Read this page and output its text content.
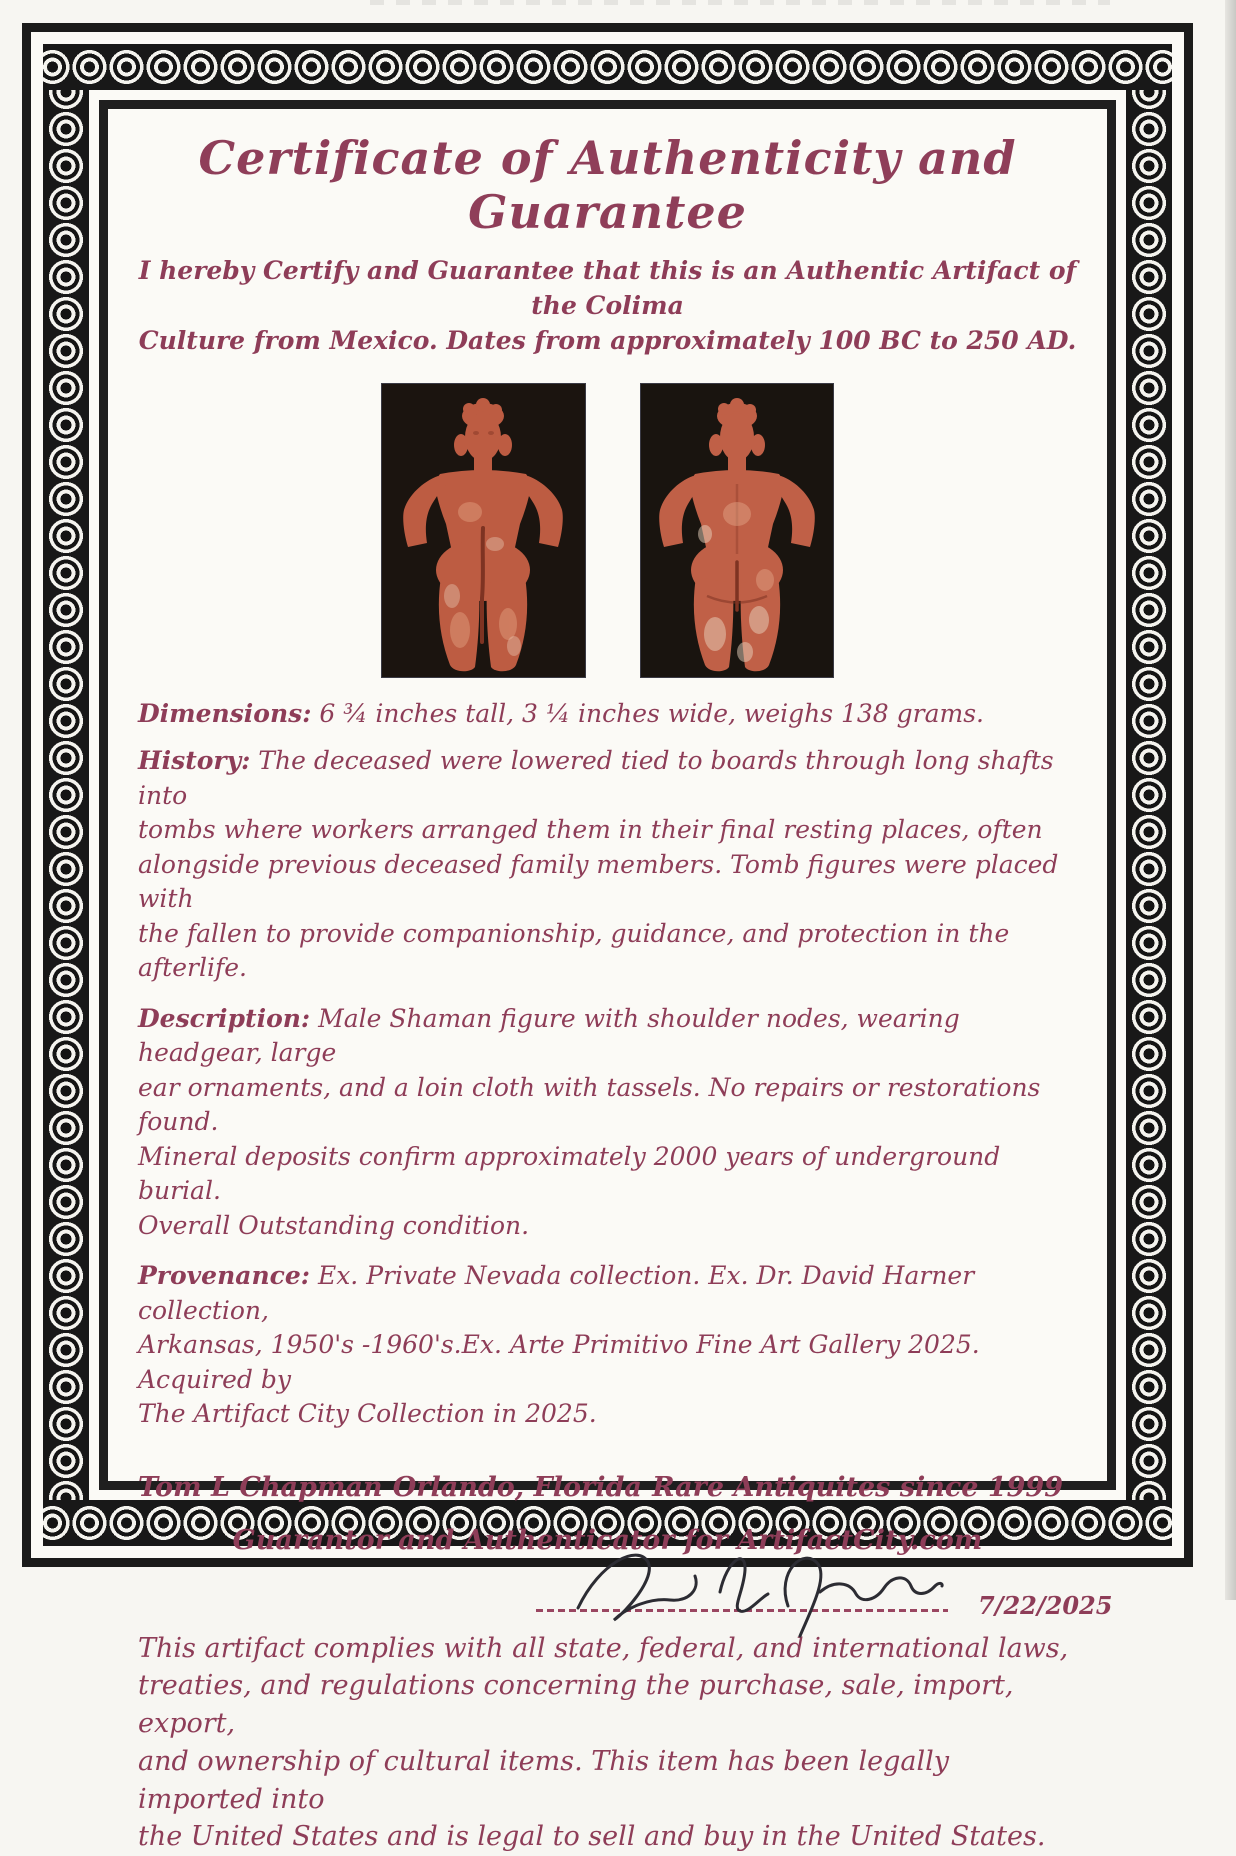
Certificate of Authenticity and Guarantee
I hereby Certify and Guarantee that this is an Authentic Artifact of the Colima
Culture from Mexico. Dates from approximately 100 BC to 250 AD.
Dimensions: 6 ¾ inches tall, 3 ¼ inches wide, weighs 138 grams.
History: The deceased were lowered tied to boards through long shafts into
tombs where workers arranged them in their final resting places, often
alongside previous deceased family members. Tomb figures were placed with
the fallen to provide companionship, guidance, and protection in the afterlife.
Description: Male Shaman figure with shoulder nodes, wearing headgear, large
ear ornaments, and a loin cloth with tassels. No repairs or restorations found.
Mineral deposits confirm approximately 2000 years of underground burial.
Overall Outstanding condition.
Provenance: Ex. Private Nevada collection. Ex. Dr. David Harner collection,
Arkansas, 1950's -1960's.Ex. Arte Primitivo Fine Art Gallery 2025. Acquired by
The Artifact City Collection in 2025.
Tom L Chapman Orlando, Florida Rare Antiquites since 1999
Guarantor and Authenticator for ArtifactCity.com
7/22/2025
This artifact complies with all state, federal, and international laws,
treaties, and regulations concerning the purchase, sale, import, export,
and ownership of cultural items. This item has been legally imported into
the United States and is legal to sell and buy in the United States.
